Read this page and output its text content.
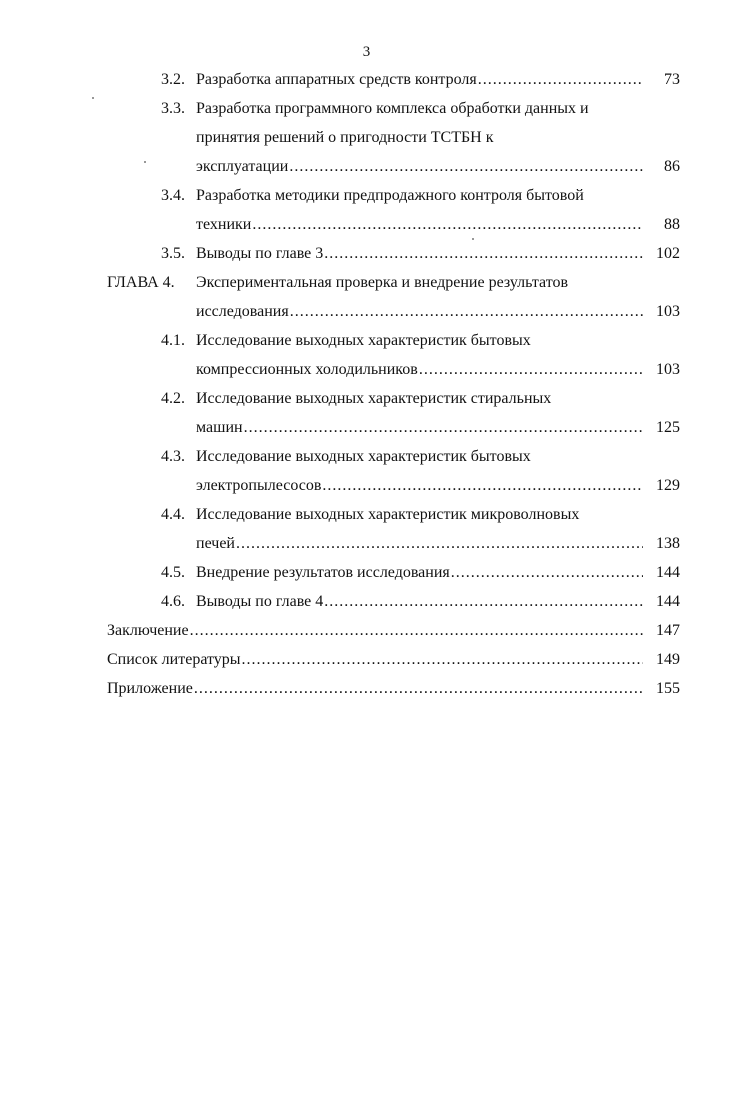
3
3.2. Разработка аппаратных средств контроля .....	73
3.3. Разработка программного комплекса обработки данных и
принятия решений о пригодности ТСТБН к
эксплуатации .....	86
3.4. Разработка методики предпродажного контроля бытовой
техники .....	88
3.5. Выводы по главе 3 .....	102
ГЛАВА 4.	Экспериментальная проверка и внедрение результатов
исследования .....	103
4.1. Исследование выходных характеристик бытовых
компрессионных холодильников .....	103
4.2. Исследование выходных характеристик стиральных
машин .....	125
4.3. Исследование выходных характеристик бытовых
электропылесосов .....	129
4.4. Исследование выходных характеристик микроволновых
печей .....	138
4.5. Внедрение результатов исследования .....	144
4.6. Выводы по главе 4 .....	144
Заключение .....	147
Список литературы .....	149
Приложение .....	155
